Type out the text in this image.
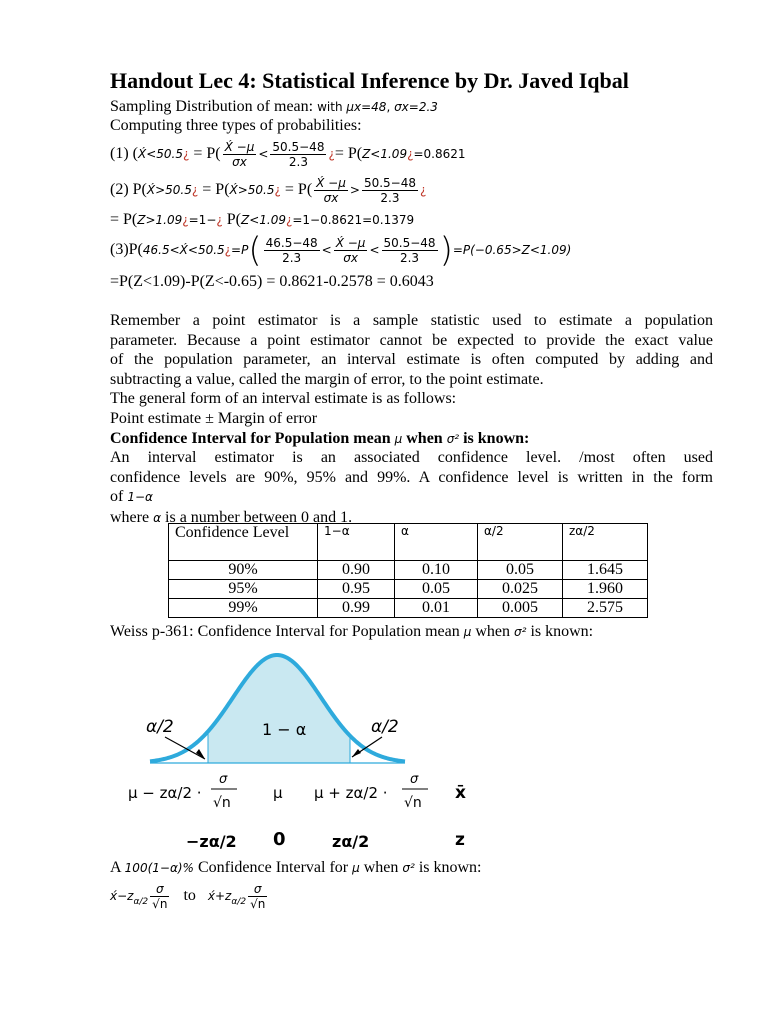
Handout Lec 4: Statistical Inference by Dr. Javed Iqbal
Sampling Distribution of mean: with μx=48, σx=2.3
Computing three types of probabilities:
(1) (X́<50.5¿ = $P( \frac{X́ -\mu}{\sigma x} < \frac{50.5-48}{2.3}$ ¿= P(Z<1.09¿=0.8621
(2) P(X́>50.5¿ = P(X́>50.5¿ = $P( \frac{X́ -\mu}{\sigma x} > \frac{50.5-48}{2.3}$ ¿
= P(Z>1.09¿=1−¿ P(Z<1.09¿=1−0.8621=0.1379
(3)P(46.5<X́<50.5¿=P( $\frac{46.5-48}{2.3} < \frac{X́ -\mu}{\sigma x} < \frac{50.5-48}{2.3} )=P(-0.65>Z<1.09)$
=P(Z<1.09)-P(Z<-0.65) = 0.8621-0.2578 = 0.6043
Remember a point estimator is a sample statistic used to estimate a population
parameter. Because a point estimator cannot be expected to provide the exact value
of the population parameter, an interval estimate is often computed by adding and
subtracting a value, called the margin of error, to the point estimate.
The general form of an interval estimate is as follows:
Point estimate ± Margin of error
Confidence Interval for Population mean μ when σ² is known:
An interval estimator is an associated confidence level. /most often used
confidence levels are 90%, 95% and 99%. A confidence level is written in the form
of 1−α
where α is a number between 0 and 1.
Confidence Level	1−α	α	α/2	zα/2
90%	0.90	0.10	0.05	1.645
95%	0.95	0.05	0.025	1.960
99%	0.99	0.01	0.005	2.575
Weiss p-361: Confidence Interval for Population mean μ when σ² is known:
α/2	α/2
1 − α
μ − zα/2 ·
σ
√n
μ μ + zα/2 ·
σ
√n x̄
−zα/2 0	zα/2	z
A 100(1−α)% Confidence Interval for μ when σ² is known:
$x́-z_{\alpha/2} \frac{\sigma}{√n}$ to $x́+z_{\alpha/2} \frac{\sigma}{√n}$
